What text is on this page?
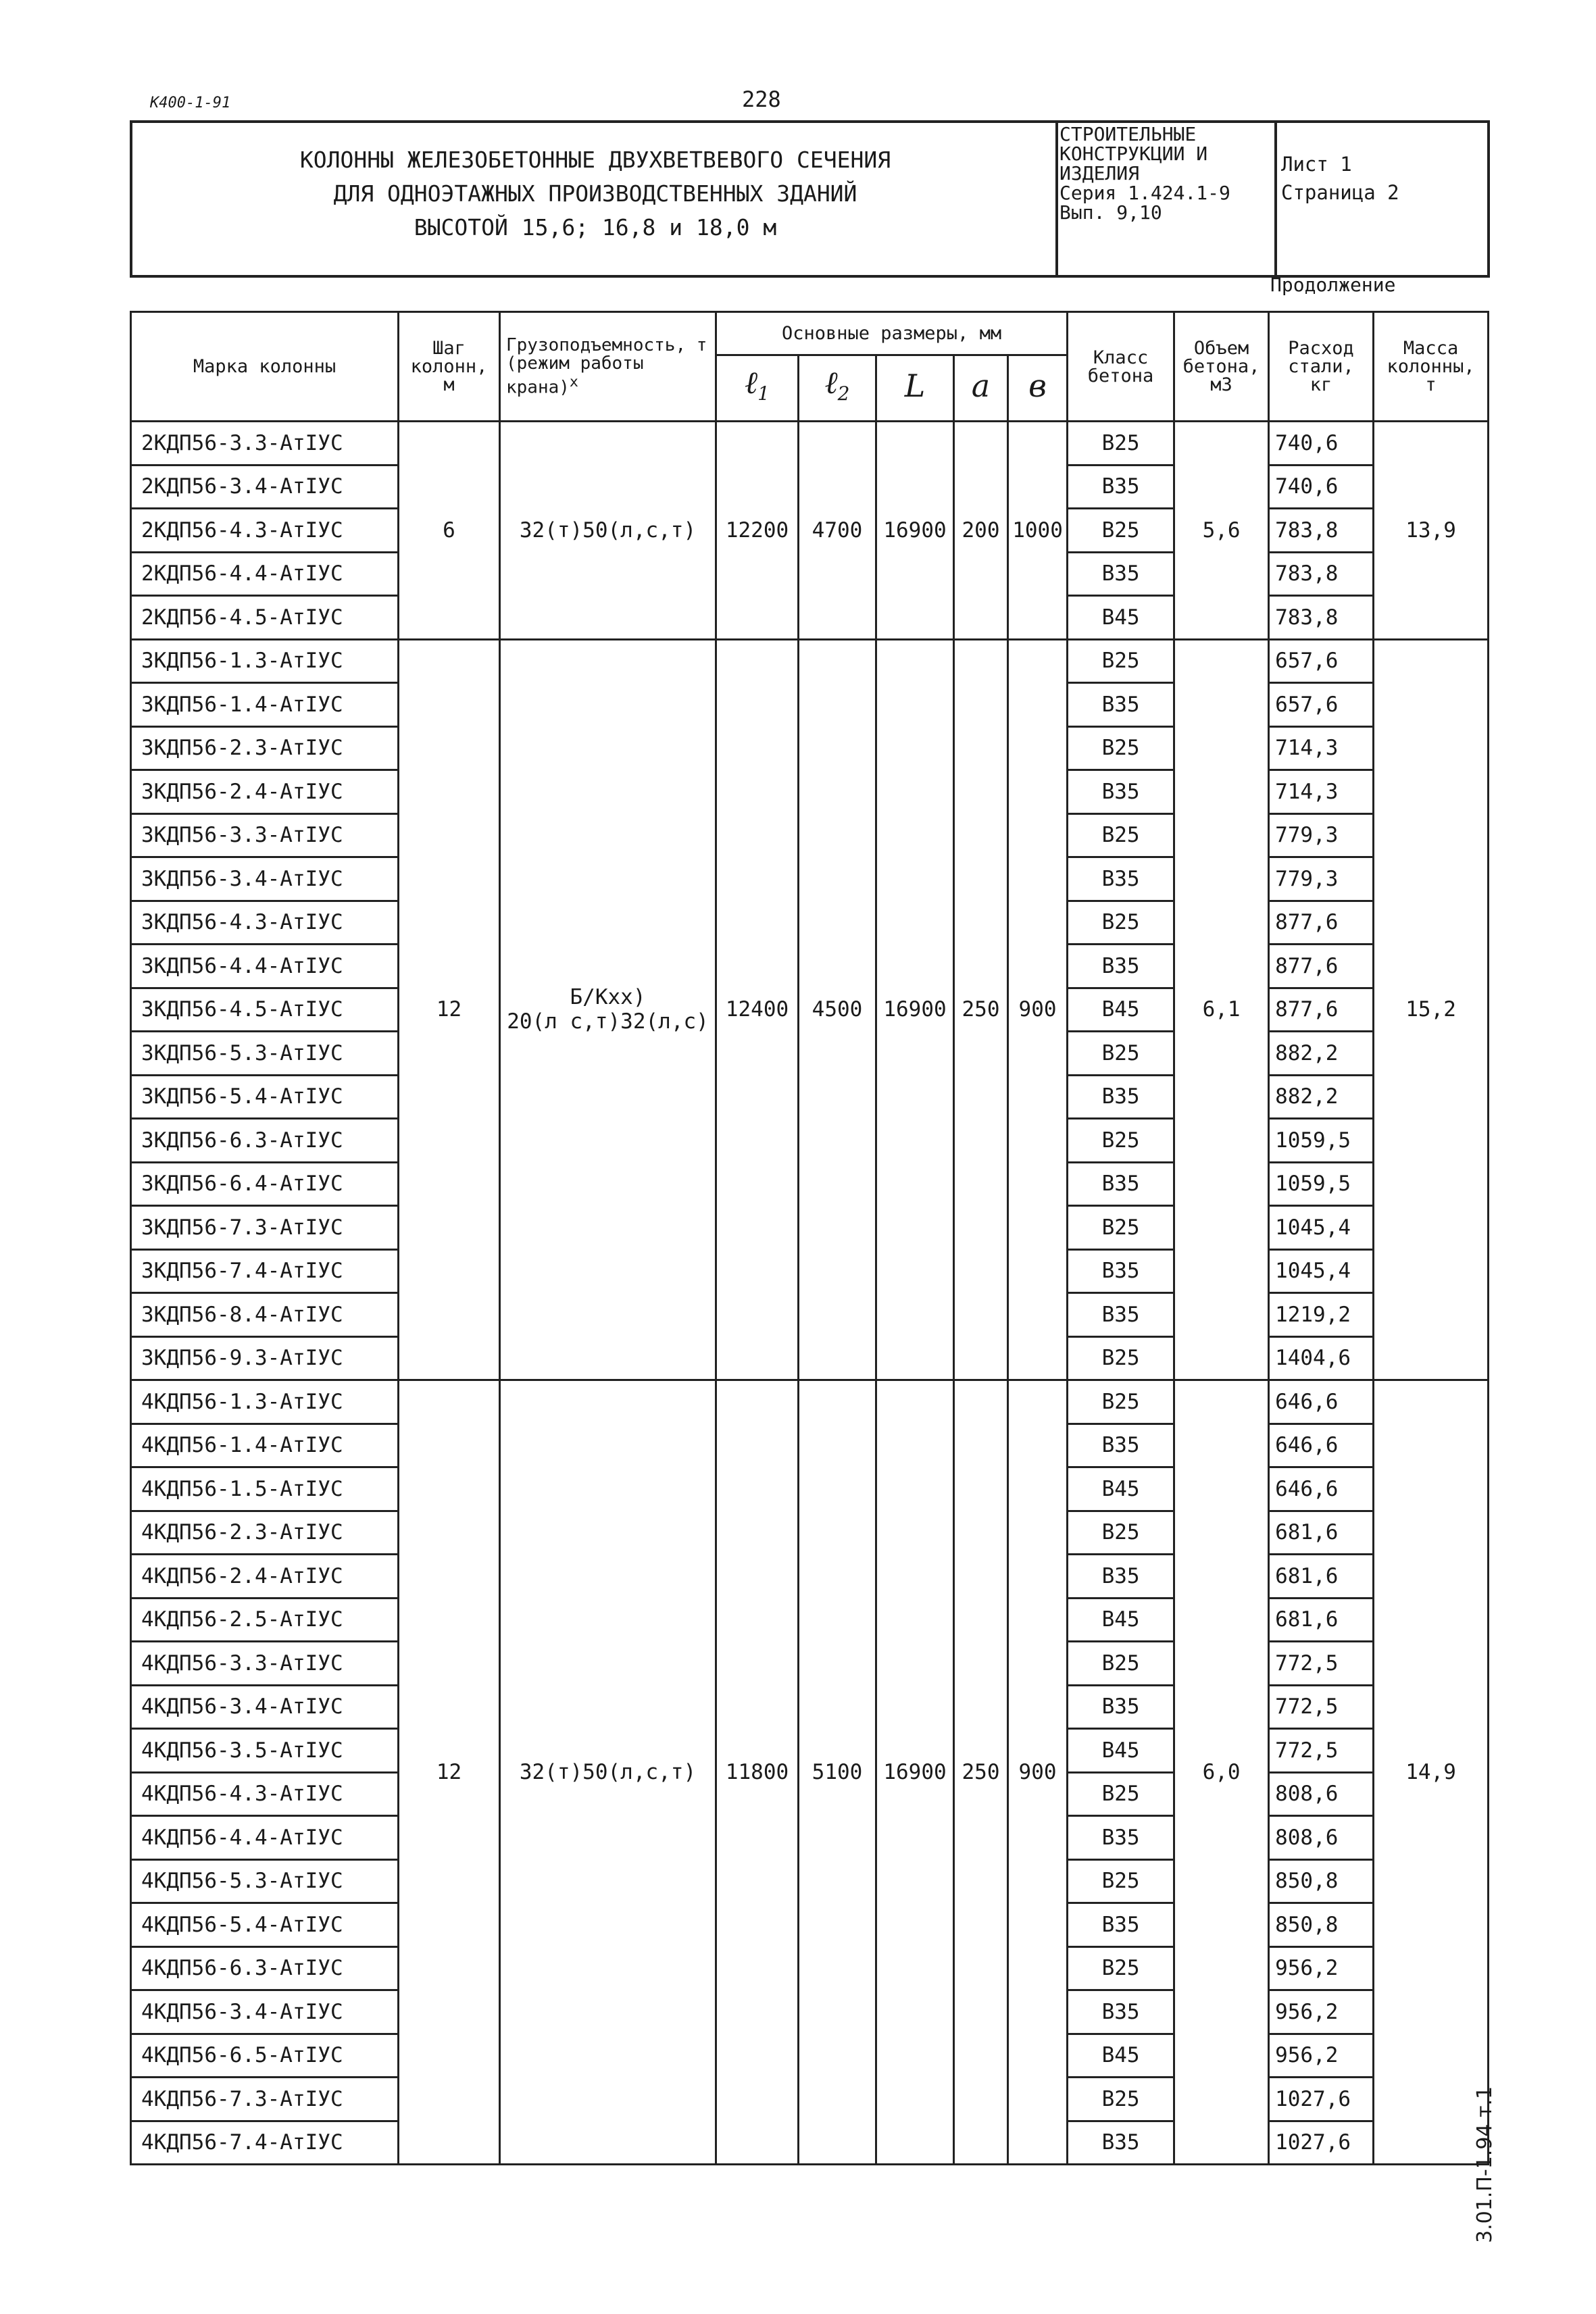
К400-1-91	228
КОЛОННЫ ЖЕЛЕЗОБЕТОННЫЕ ДВУХВЕТВЕВОГО СЕЧЕНИЯ
ДЛЯ ОДНОЭТАЖНЫХ ПРОИЗВОДСТВЕННЫХ ЗДАНИЙ
ВЫСОТОЙ 15,6; 16,8 и 18,0 м
СТРОИТЕЛЬНЫЕ
КОНСТРУКЦИИ И
ИЗДЕЛИЯ
Серия 1.424.1-9
Вып. 9,10
Лист 1
Страница 2
Продолжение
Марка колонны	Шаг колонн, м	Грузоподъемность, т (режим работы крана)$^х$	Основные размеры, мм					Класс бетона	Объем бетона, м3	Расход стали, кг	Масса колонны, т
			ℓ$_1$	ℓ$_2$	L	a	в				
2КДП56-3.3-АтIУС	6	32(т)50(л,с,т)	12200	4700	16900	200	1000	В25	5,6	740,6	13,9
2КДП56-3.4-АтIУС								В35		740,6	
2КДП56-4.3-АтIУС								В25		783,8	
2КДП56-4.4-АтIУС								В35		783,8	
2КДП56-4.5-АтIУС								В45		783,8	
3КДП56-1.3-АтIУС	12	Б/Кхх)
20(л с,т)32(л,с)	12400	4500	16900	250	900	В25	6,1	657,6	15,2
3КДП56-1.4-АтIУС								В35		657,6	
3КДП56-2.3-АтIУС								В25		714,3	
3КДП56-2.4-АтIУС								В35		714,3	
3КДП56-3.3-АтIУС								В25		779,3	
3КДП56-3.4-АтIУС								В35		779,3	
3КДП56-4.3-АтIУС								В25		877,6	
3КДП56-4.4-АтIУС								В35		877,6	
3КДП56-4.5-АтIУС								В45		877,6	
3КДП56-5.3-АтIУС								В25		882,2	
3КДП56-5.4-АтIУС								В35		882,2	
3КДП56-6.3-АтIУС								В25		1059,5	
3КДП56-6.4-АтIУС								В35		1059,5	
3КДП56-7.3-АтIУС								В25		1045,4	
3КДП56-7.4-АтIУС								В35		1045,4	
3КДП56-8.4-АтIУС								В35		1219,2	
3КДП56-9.3-АтIУС								В25		1404,6	
4КДП56-1.3-АтIУС	12	32(т)50(л,с,т)	11800	5100	16900	250	900	В25	6,0	646,6	14,9
4КДП56-1.4-АтIУС								В35		646,6	
4КДП56-1.5-АтIУС								В45		646,6	
4КДП56-2.3-АтIУС								В25		681,6	
4КДП56-2.4-АтIУС								В35		681,6	
4КДП56-2.5-АтIУС								В45		681,6	
4КДП56-3.3-АтIУС								В25		772,5	
4КДП56-3.4-АтIУС								В35		772,5	
4КДП56-3.5-АтIУС								В45		772,5	
4КДП56-4.3-АтIУС								В25		808,6	
4КДП56-4.4-АтIУС								В35		808,6	
4КДП56-5.3-АтIУС								В25		850,8	
4КДП56-5.4-АтIУС								В35		850,8	
4КДП56-6.3-АтIУС								В25		956,2	
4КДП56-3.4-АтIУС								В35		956,2	
4КДП56-6.5-АтIУС								В45		956,2	
4КДП56-7.3-АтIУС								В25		1027,6	
4КДП56-7.4-АтIУС								В35		1027,6		3.01.П-1.94 т.1
